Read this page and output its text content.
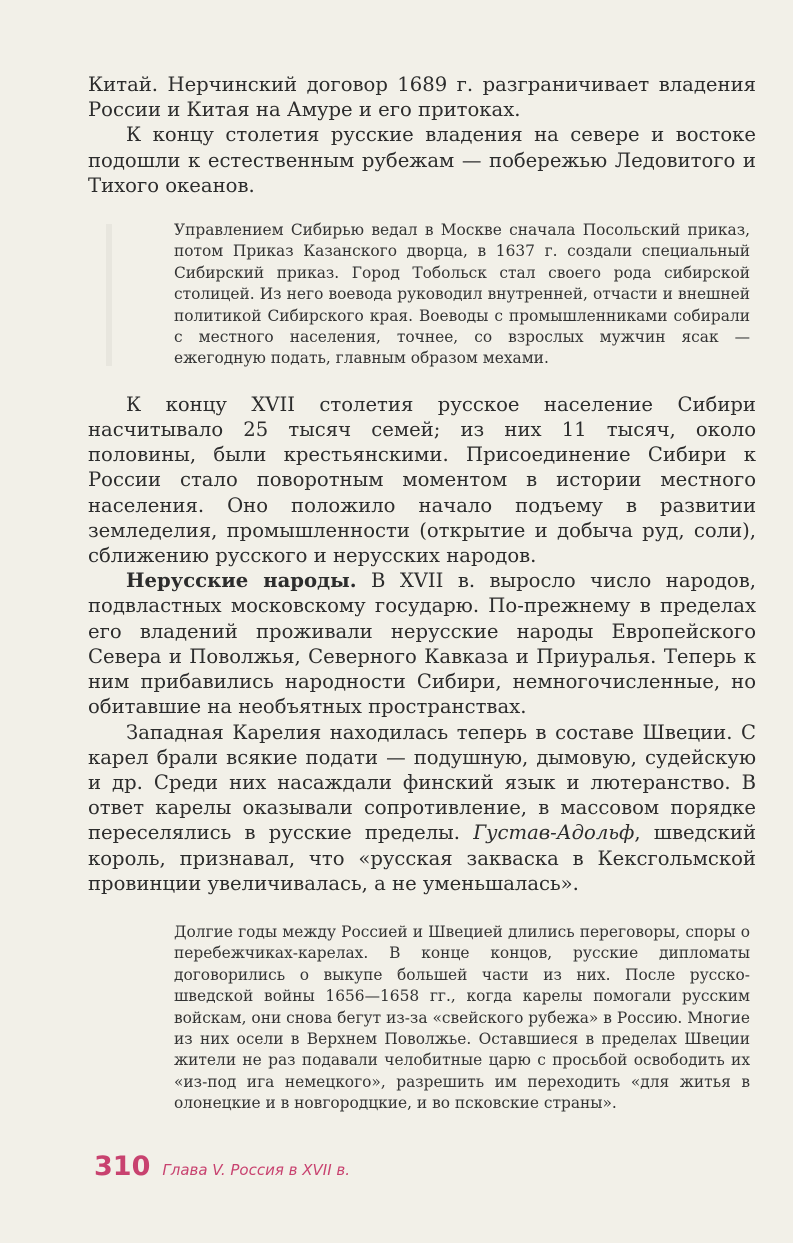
Китай. Нерчинский договор 1689 г. разграничивает владения России и Китая на Амуре и его притоках.

К концу столетия русские владения на севере и востоке подошли к естественным рубежам — побережью Ледовитого и Тихого океанов.

Управлением Сибирью ведал в Москве сначала Посольский приказ, потом Приказ Казанского дворца, в 1637 г. создали специальный Сибирский приказ. Город Тобольск стал своего рода сибирской столицей. Из него воевода руководил внутренней, отчасти и внешней политикой Сибирского края. Воеводы с промышленниками собирали с местного населения, точнее, со взрослых мужчин ясак — ежегодную подать, главным образом мехами.

К концу XVII столетия русское население Сибири насчитывало 25 тысяч семей; из них 11 тысяч, около половины, были крестьянскими. Присоединение Сибири к России стало поворотным моментом в истории местного населения. Оно положило начало подъему в развитии земледелия, промышленности (открытие и добыча руд, соли), сближению русского и нерусских народов.

Нерусские народы. В XVII в. выросло число народов, подвластных московскому государю. По-прежнему в пределах его владений проживали нерусские народы Европейского Севера и Поволжья, Северного Кавказа и Приуралья. Теперь к ним прибавились народности Сибири, немногочисленные, но обитавшие на необъятных пространствах.

Западная Карелия находилась теперь в составе Швеции. С карел брали всякие подати — подушную, дымовую, судейскую и др. Среди них насаждали финский язык и лютеранство. В ответ карелы оказывали сопротивление, в массовом порядке переселялись в русские пределы. Густав-Адольф, шведский король, признавал, что «русская закваска в Кексгольмской провинции увеличивалась, а не уменьшалась».

Долгие годы между Россией и Швецией длились переговоры, споры о перебежчиках-карелах. В конце концов, русские дипломаты договорились о выкупе большей части из них. После русско-шведской войны 1656—1658 гг., когда карелы помогали русским войскам, они снова бегут из-за «свейского рубежа» в Россию. Многие из них осели в Верхнем Поволжье. Оставшиеся в пределах Швеции жители не раз подавали челобитные царю с просьбой освободить их «из-под ига немецкого», разрешить им переходить «для житья в олонецкие и в новгородцкие, и во псковские страны».

310 Глава V. Россия в XVII в.
